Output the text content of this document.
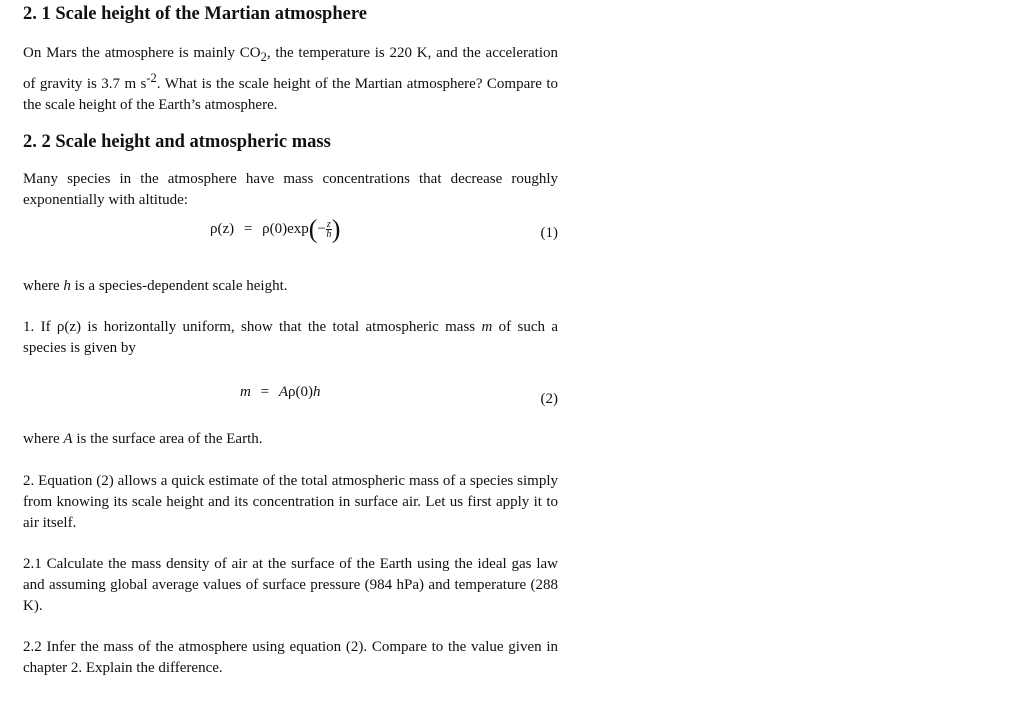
2. 1 Scale height of the Martian atmosphere
On Mars the atmosphere is mainly $CO_2$, the temperature is 220 K, and the acceleration of gravity is 3.7 m $s^{-2}$. What is the scale height of the Martian atmosphere? Compare to the scale height of the Earth’s atmosphere.
2. 2 Scale height and atmospheric mass
Many species in the atmosphere have mass concentrations that decrease roughly exponentially with altitude:
$\rho(z) = \rho(0)\exp(- \frac{z}{h}$ )	(1)
where h is a species-dependent scale height.
1. If ρ(z) is horizontally uniform, show that the total atmospheric mass m of such a species is given by
m = Aρ(0)h	(2)
where A is the surface area of the Earth.
2. Equation (2) allows a quick estimate of the total atmospheric mass of a species simply from knowing its scale height and its concentration in surface air. Let us first apply it to air itself.
2.1 Calculate the mass density of air at the surface of the Earth using the ideal gas law and assuming global average values of surface pressure (984 hPa) and temperature (288 K).
2.2 Infer the mass of the atmosphere using equation (2). Compare to the value given in chapter 2. Explain the difference.
